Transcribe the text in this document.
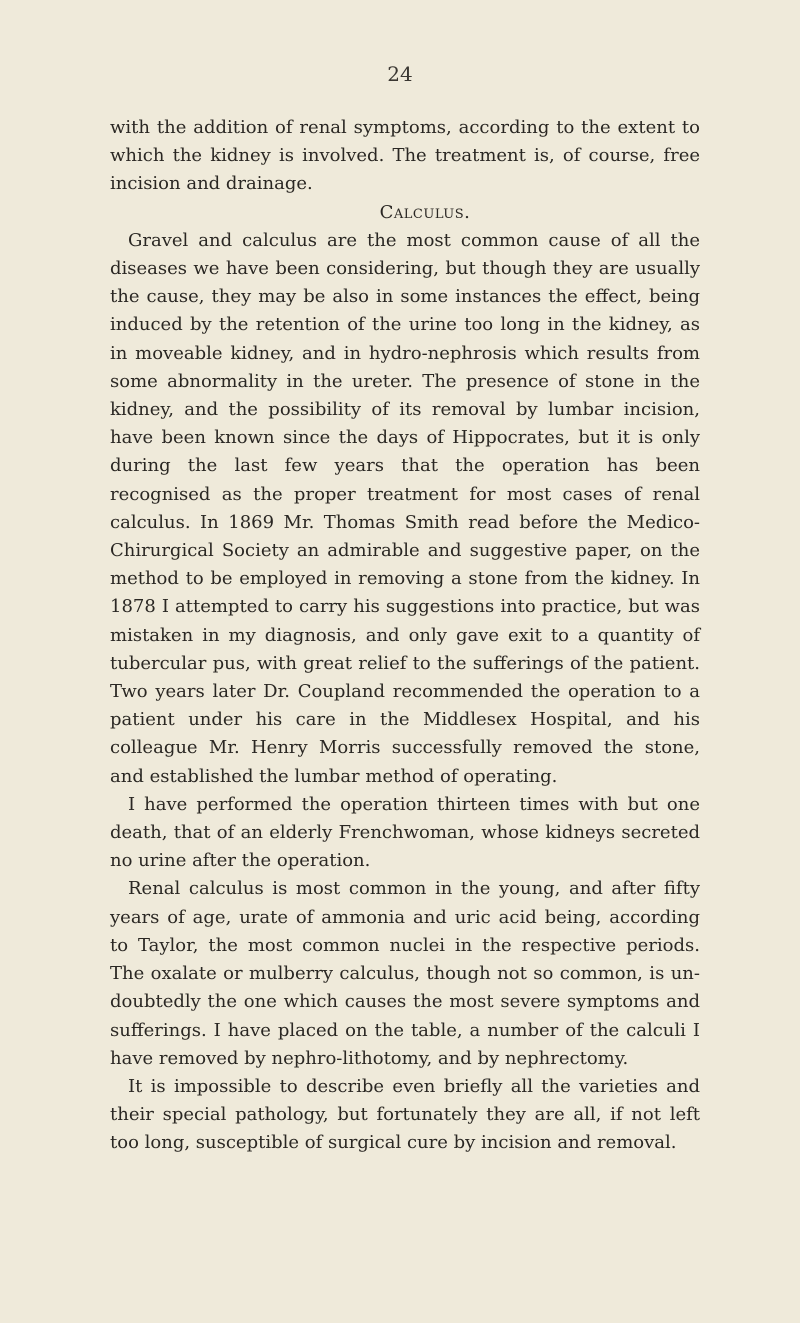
24

with the addition of renal symptoms, according to the extent to which the kidney is involved. The treatment is, of course, free incision and drainage.

Calculus.

Gravel and calculus are the most common cause of all the diseases we have been considering, but though they are usually the cause, they may be also in some instances the effect, being induced by the retention of the urine too long in the kidney, as in moveable kidney, and in hydro-nephrosis which results from some abnormality in the ureter. The presence of stone in the kidney, and the possibility of its removal by lumbar incision, have been known since the days of Hippocrates, but it is only during the last few years that the operation has been recognised as the proper treatment for most cases of renal calculus. In 1869 Mr. Thomas Smith read before the Medico-Chirurgical Society an admirable and suggestive paper, on the method to be employed in removing a stone from the kidney. In 1878 I attempted to carry his suggestions into practice, but was mistaken in my diagnosis, and only gave exit to a quantity of tubercular pus, with great relief to the sufferings of the patient. Two years later Dr. Coupland recommended the operation to a patient under his care in the Middlesex Hospital, and his colleague Mr. Henry Morris successfully removed the stone, and established the lumbar method of operating.

I have performed the operation thirteen times with but one death, that of an elderly Frenchwoman, whose kidneys secreted no urine after the operation.

Renal calculus is most common in the young, and after fifty years of age, urate of ammonia and uric acid being, according to Taylor, the most common nuclei in the respective periods. The oxalate or mulberry calculus, though not so common, is undoubtedly the one which causes the most severe symptoms and sufferings. I have placed on the table, a number of the calculi I have removed by nephro-lithotomy, and by nephrectomy.

It is impossible to describe even briefly all the varieties and their special pathology, but fortunately they are all, if not left too long, susceptible of surgical cure by incision and removal.
